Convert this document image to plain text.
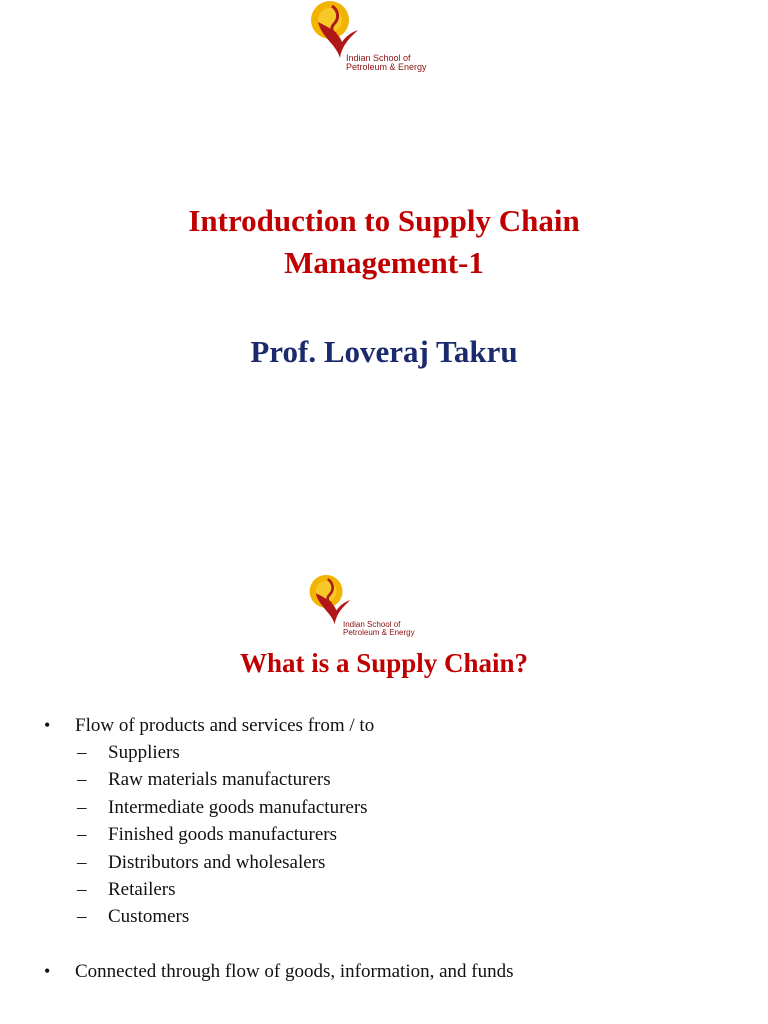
Indian School of
Petroleum & Energy
Introduction to Supply Chain
Management-1
Prof. Loveraj Takru
Indian School of
Petroleum & Energy
What is a Supply Chain?
• Flow of products and services from / to
– Suppliers
– Raw materials manufacturers
– Intermediate goods manufacturers
– Finished goods manufacturers
– Distributors and wholesalers
– Retailers
– Customers
• Connected through flow of goods, information, and funds
